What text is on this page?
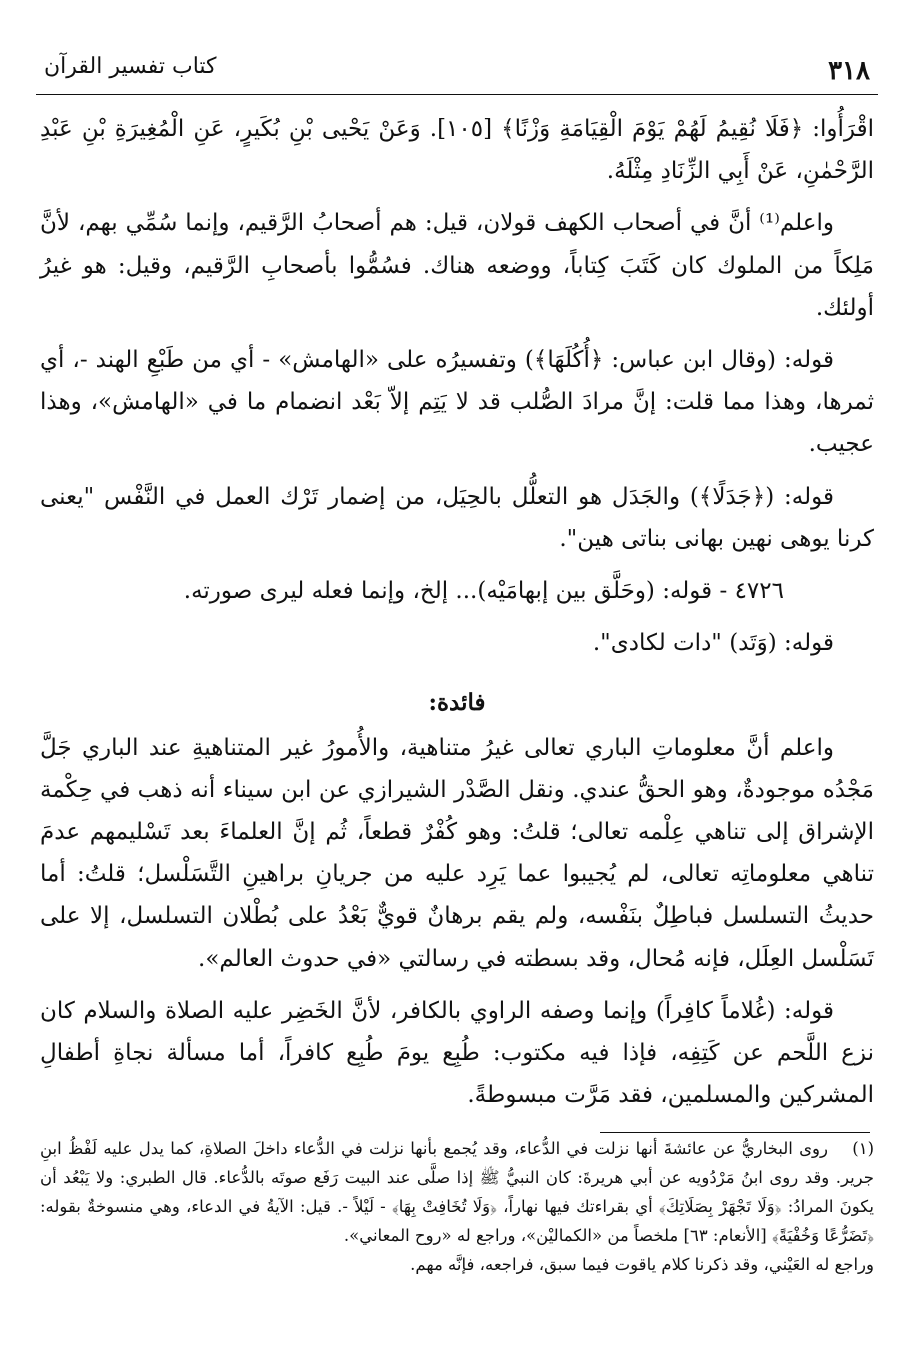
٣١٨
كتاب تفسير القرآن

اقْرَأُوا: ﴿فَلَا نُقِيمُ لَهُمْ يَوْمَ الْقِيَامَةِ وَزْنًا﴾ [١٠٥]. وَعَنْ يَحْيى بْنِ بُكَيرٍ، عَنِ الْمُغِيرَةِ بْنِ عَبْدِ الرَّحْمٰنِ، عَنْ أَبِي الزِّنَادِ مِثْلَهُ.

واعلم⁽¹⁾ أنَّ في أصحاب الكهف قولان، قيل: هم أصحابُ الرَّقيم، وإنما سُمِّي بهم، لأنَّ مَلِكاً من الملوك كان كَتَبَ كِتاباً، ووضعه هناك. فسُمُّوا بأصحابِ الرَّقيم، وقيل: هو غيرُ أولئك.

قوله: (وقال ابن عباس: ﴿أُكُلَهَا﴾) وتفسيرُه على «الهامش» - أي من طَبْعِ الهند -، أي ثمرها، وهذا مما قلت: إنَّ مرادَ الصُّلب قد لا يَتِم إلاّ بَعْد انضمام ما في «الهامش»، وهذا عجيب.

قوله: (﴿جَدَلًا﴾) والجَدَل هو التعلُّل بالحِيَل، من إضمار تَرْك العمل في النَّفْس "يعنى كرنا يوهى نهين بهانى بناتى هين".

٤٧٢٦ - قوله: (وحَلَّق بين إبهامَيْه)... إلخ، وإنما فعله ليرى صورته.

قوله: (وَتَد) "دات لكادى".

فائدة:

واعلم أنَّ معلوماتِ الباري تعالى غيرُ متناهية، والأُمورُ غير المتناهيةِ عند الباري جَلَّ مَجْدُه موجودةٌ، وهو الحقُّ عندي. ونقل الصَّدْر الشيرازي عن ابن سيناء أنه ذهب في حِكْمة الإشراق إلى تناهي عِلْمه تعالى؛ قلتُ: وهو كُفْرٌ قطعاً، ثُم إنَّ العلماءَ بعد تَسْليمهم عدمَ تناهي معلوماتِه تعالى، لم يُجيبوا عما يَرِد عليه من جريانِ براهينِ التَّسَلْسل؛ قلتُ: أما حديثُ التسلسل فباطِلٌ بنَفْسه، ولم يقم برهانٌ قويٌّ بَعْدُ على بُطْلان التسلسل، إلا على تَسَلْسل العِلَل، فإنه مُحال، وقد بسطته في رسالتي «في حدوث العالم».

قوله: (غُلاماً كافِراً) وإنما وصفه الراوي بالكافر، لأنَّ الخَضِر عليه الصلاة والسلام كان نزع اللَّحم عن كَتِفِه، فإذا فيه مكتوب: طُبِع يومَ طُبِع كافراً، أما مسألة نجاةِ أطفالِ المشركين والمسلمين، فقد مَرَّت مبسوطةً.

(١)روى البخاريُّ عن عائشةَ أنها نزلت في الدُّعاء، وقد يُجمع بأنها نزلت في الدُّعاء داخلَ الصلاةِ، كما يدل عليه لَفْظُ ابنِ جرير. وقد روى ابنُ مَرْدُويه عن أبي هريرةَ: كان النبيُّ ﷺ إذا صلَّى عند البيت رَفَع صوتَه بالدُّعاء. قال الطبري: ولا يَبْعُد أن يكونَ المرادُ: ﴿وَلَا تَجْهَرْ بِصَلَاتِكَ﴾ أي بقراءتك فيها نهاراً، ﴿وَلَا تُخَافِتْ بِهَا﴾ - لَيْلاً -. قيل: الآيةُ في الدعاء، وهي منسوخةٌ بقوله: ﴿تَضَرُّعًا وَخُفْيَةً﴾ [الأنعام: ٦٣] ملخصاً من «الكماليْن»، وراجع له «روح المعاني».

وراجع له العَيْني، وقد ذكرنا كلام ياقوت فيما سبق، فراجعه، فإنَّه مهم.
